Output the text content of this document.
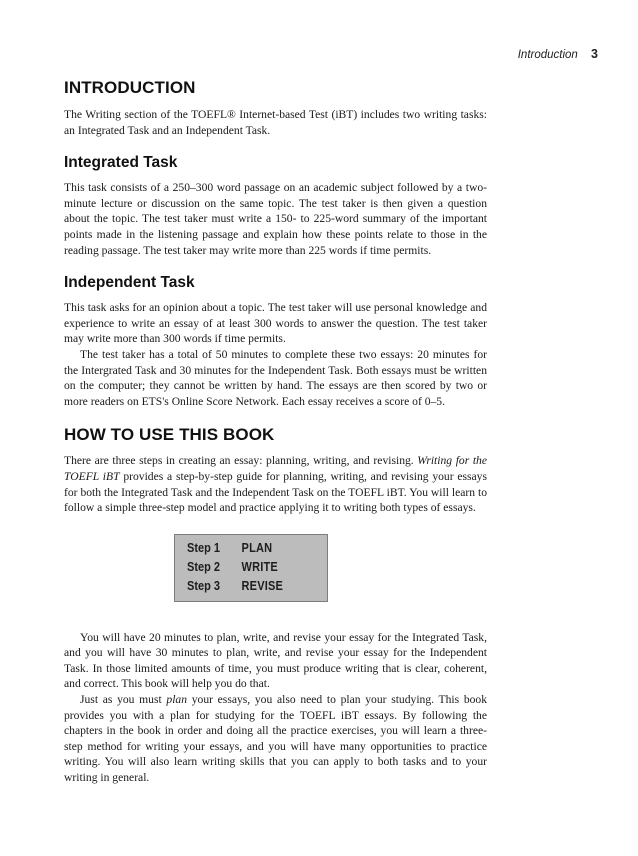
Introduction 3
INTRODUCTION

The Writing section of the TOEFL® Internet-based Test (iBT) includes two writing tasks: an Integrated Task and an Independent Task.

Integrated Task

This task consists of a 250–300 word passage on an academic subject followed by a two-minute lecture or discussion on the same topic. The test taker is then given a question about the topic. The test taker must write a 150- to 225-word summary of the important points made in the listening passage and explain how these points relate to those in the reading passage. The test taker may write more than 225 words if time permits.

Independent Task

This task asks for an opinion about a topic. The test taker will use personal knowledge and experience to write an essay of at least 300 words to answer the question. The test taker may write more than 300 words if time permits.

The test taker has a total of 50 minutes to complete these two essays: 20 minutes for the Intergrated Task and 30 minutes for the Independent Task. Both essays must be written on the computer; they cannot be written by hand. The essays are then scored by two or more readers on ETS's Online Score Network. Each essay receives a score of 0–5.

HOW TO USE THIS BOOK

There are three steps in creating an essay: planning, writing, and revising. Writing for the TOEFL iBT provides a step-by-step guide for planning, writing, and revising your essays for both the Integrated Task and the Independent Task on the TOEFL iBT. You will learn to follow a simple three-step model and practice applying it to writing both types of essays.

Step 1	PLAN
Step 2	WRITE
Step 3	REVISE

You will have 20 minutes to plan, write, and revise your essay for the Integrated Task, and you will have 30 minutes to plan, write, and revise your essay for the Independent Task. In those limited amounts of time, you must produce writing that is clear, coherent, and correct. This book will help you do that.

Just as you must plan your essays, you also need to plan your studying. This book provides you with a plan for studying for the TOEFL iBT essays. By following the chapters in the book in order and doing all the practice exercises, you will learn a three-step method for writing your essays, and you will have many opportunities to practice writing. You will also learn writing skills that you can apply to both tasks and to your writing in general.
